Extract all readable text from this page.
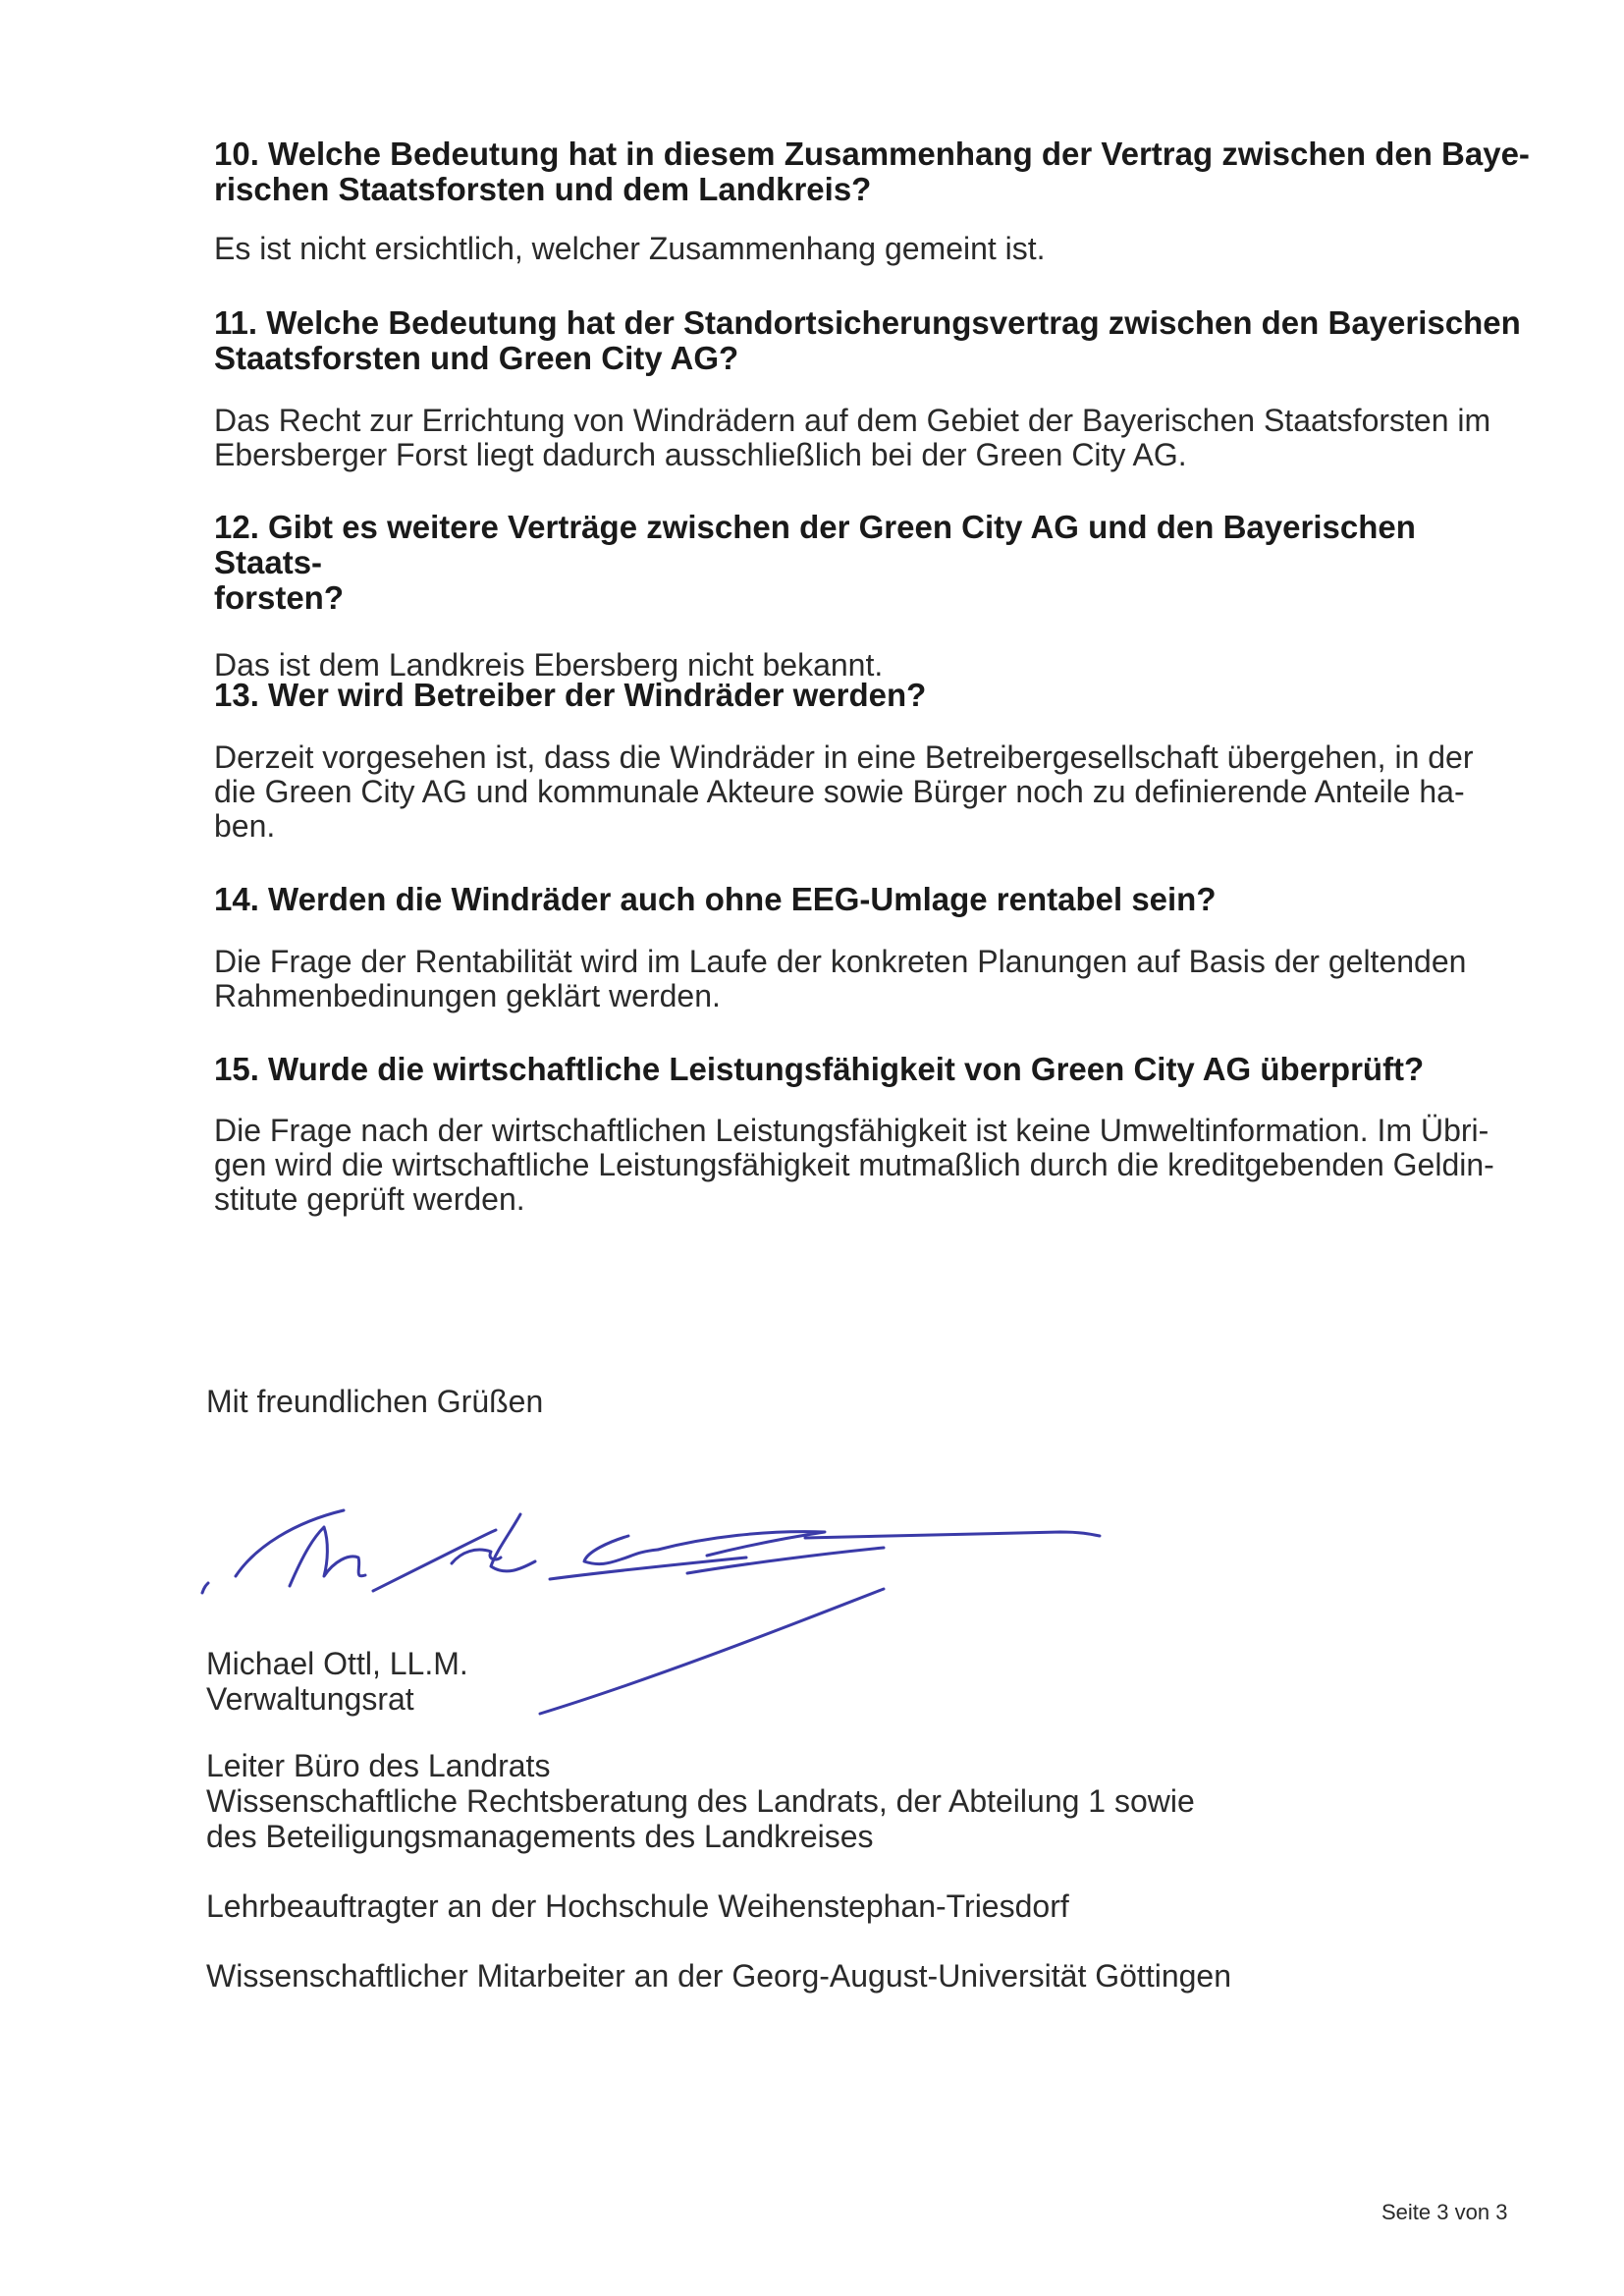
10. Welche Bedeutung hat in diesem Zusammenhang der Vertrag zwischen den Baye-
rischen Staatsforsten und dem Landkreis?

Es ist nicht ersichtlich, welcher Zusammenhang gemeint ist.

11. Welche Bedeutung hat der Standortsicherungsvertrag zwischen den Bayerischen
Staatsforsten und Green City AG?

Das Recht zur Errichtung von Windrädern auf dem Gebiet der Bayerischen Staatsforsten im
Ebersberger Forst liegt dadurch ausschließlich bei der Green City AG.

12. Gibt es weitere Verträge zwischen der Green City AG und den Bayerischen Staats-
forsten?

Das ist dem Landkreis Ebersberg nicht bekannt.

13. Wer wird Betreiber der Windräder werden?

Derzeit vorgesehen ist, dass die Windräder in eine Betreibergesellschaft übergehen, in der
die Green City AG und kommunale Akteure sowie Bürger noch zu definierende Anteile ha-
ben.

14. Werden die Windräder auch ohne EEG-Umlage rentabel sein?

Die Frage der Rentabilität wird im Laufe der konkreten Planungen auf Basis der geltenden
Rahmenbedinungen geklärt werden.

15. Wurde die wirtschaftliche Leistungsfähigkeit von Green City AG überprüft?

Die Frage nach der wirtschaftlichen Leistungsfähigkeit ist keine Umweltinformation. Im Übri-
gen wird die wirtschaftliche Leistungsfähigkeit mutmaßlich durch die kreditgebenden Geldin-
stitute geprüft werden.

Mit freundlichen Grüßen
Michael Ottl, LL.M.
Verwaltungsrat
Leiter Büro des Landrats
Wissenschaftliche Rechtsberatung des Landrats, der Abteilung 1 sowie
des Beteiligungsmanagements des Landkreises
Lehrbeauftragter an der Hochschule Weihenstephan-Triesdorf
Wissenschaftlicher Mitarbeiter an der Georg-August-Universität Göttingen
Seite 3 von 3
